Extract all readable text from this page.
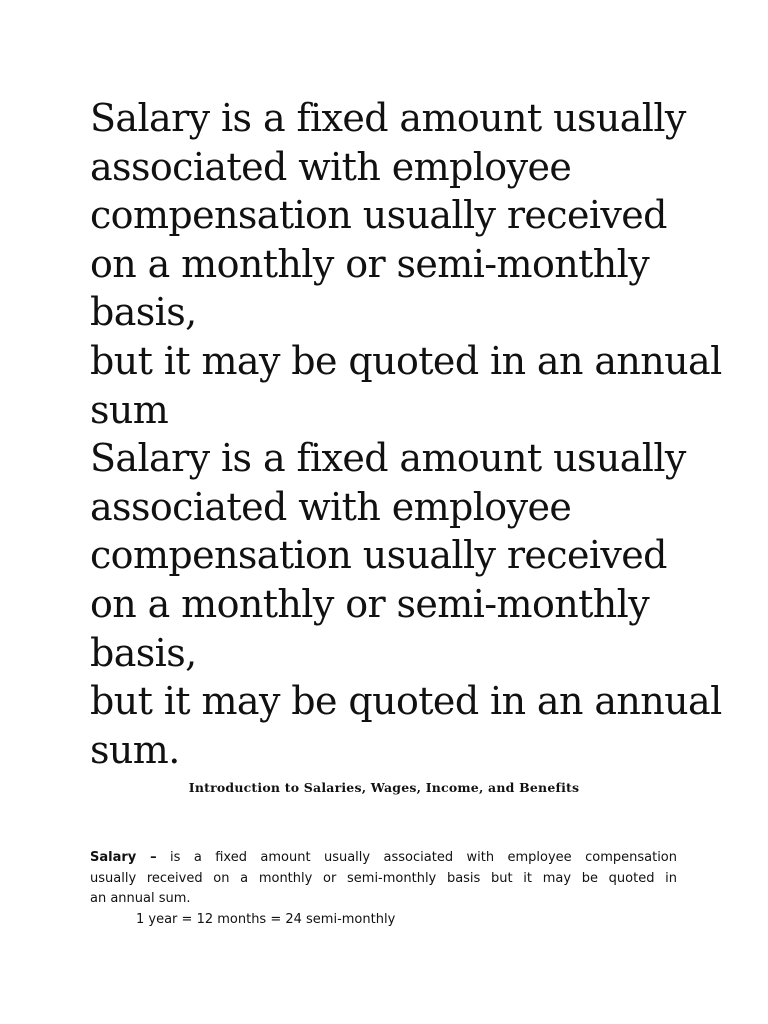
Salary is a fixed amount usually
associated with employee
compensation usually received
on a monthly or semi-monthly
basis,
but it may be quoted in an annual
sum
Salary is a fixed amount usually
associated with employee
compensation usually received
on a monthly or semi-monthly
basis,
but it may be quoted in an annual
sum.
Introduction to Salaries, Wages, Income, and Benefits
Salary – is a fixed amount usually associated with employee compensation
usually received on a monthly or semi-monthly basis but it may be quoted in
an annual sum.
1 year = 12 months = 24 semi-monthly
